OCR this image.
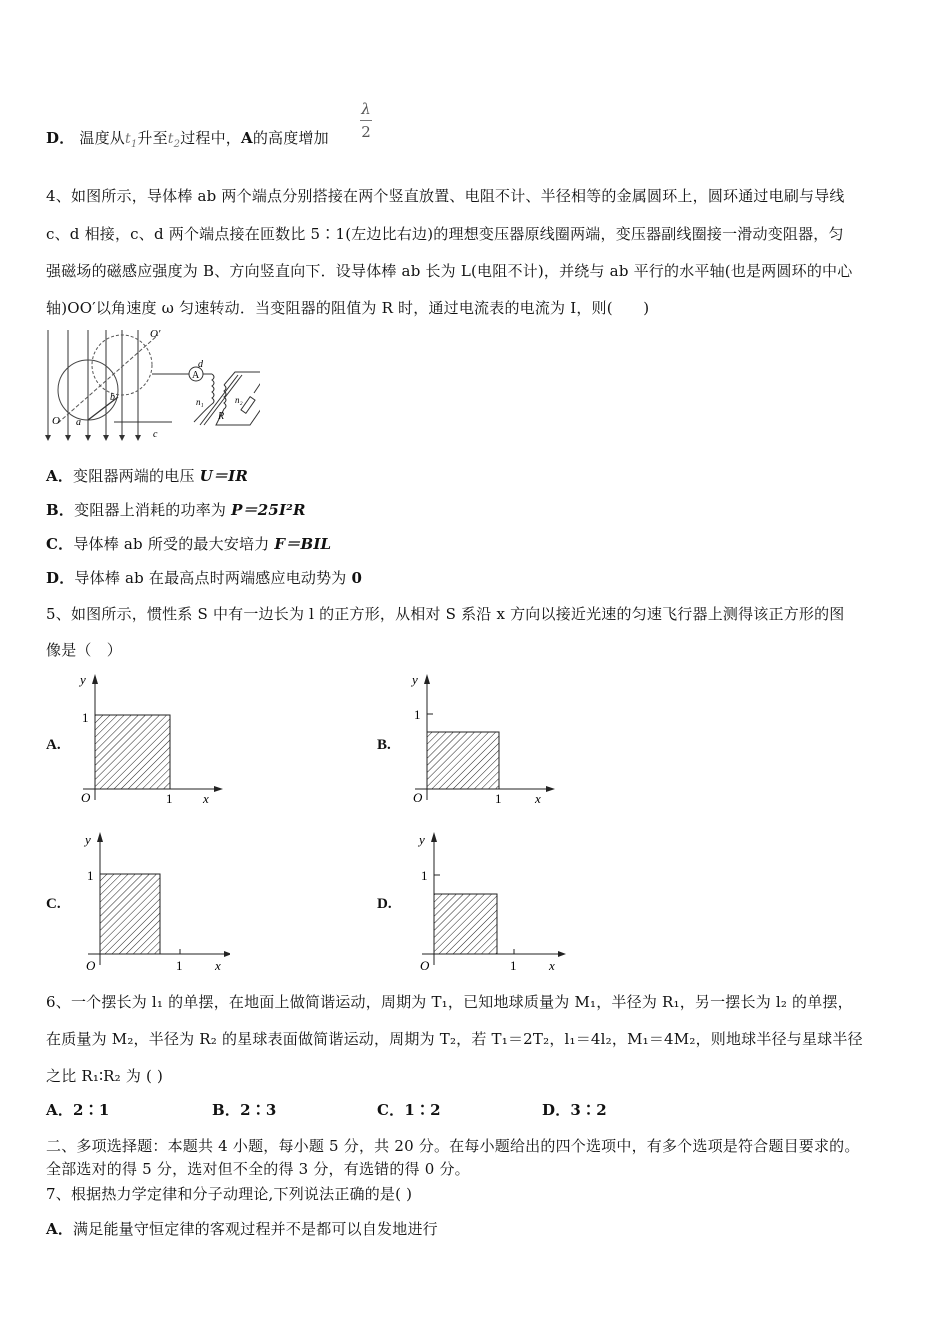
D． 温度从$t_1$升至$t_2$过程中，A的高度增加
λ
2
4、如图所示，导体棒 ab 两个端点分别搭接在两个竖直放置、电阻不计、半径相等的金属圆环上，圆环通过电刷与导线
c、d 相接，c、d 两个端点接在匝数比 5∶1(左边比右边)的理想变压器原线圈两端，变压器副线圈接一滑动变阻器，匀
强磁场的磁感应强度为 B、方向竖直向下．设导体棒 ab 长为 L(电阻不计)，并绕与 ab 平行的水平轴(也是两圆环的中心
轴)OO′以角速度 ω 匀速转动．当变阻器的阻值为 R 时，通过电流表的电流为 I，则(　　)
A
O′
O a
b
d
c
n₁	n₂
R
A．变阻器两端的电压 U＝IR
B．变阻器上消耗的功率为 P＝25I²R
C．导体棒 ab 所受的最大安培力 F＝BIL
D．导体棒 ab 在最高点时两端感应电动势为 0
5、如图所示，惯性系 S 中有一边长为 l 的正方形，从相对 S 系沿 x 方向以接近光速的匀速飞行器上测得该正方形的图
像是（　）
A.
y
1
O	1 x
B.
y
1
O	1	x
C.
y
1
O	1	x
D.
y
1
O	1	x
6、一个摆长为 l₁ 的单摆，在地面上做简谐运动，周期为 T₁，已知地球质量为 M₁，半径为 R₁，另一摆长为 l₂ 的单摆，
在质量为 M₂，半径为 R₂ 的星球表面做简谐运动，周期为 T₂，若 T₁＝2T₂，l₁＝4l₂，M₁＝4M₂，则地球半径与星球半径
之比 R₁∶R₂ 为 ( )
A．2∶1	B．2∶3	C．1∶2	D．3∶2
二、多项选择题：本题共 4 小题，每小题 5 分，共 20 分。在每小题给出的四个选项中，有多个选项是符合题目要求的。
全部选对的得 5 分，选对但不全的得 3 分，有选错的得 0 分。
7、根据热力学定律和分子动理论,下列说法正确的是( )
A．满足能量守恒定律的客观过程并不是都可以自发地进行
